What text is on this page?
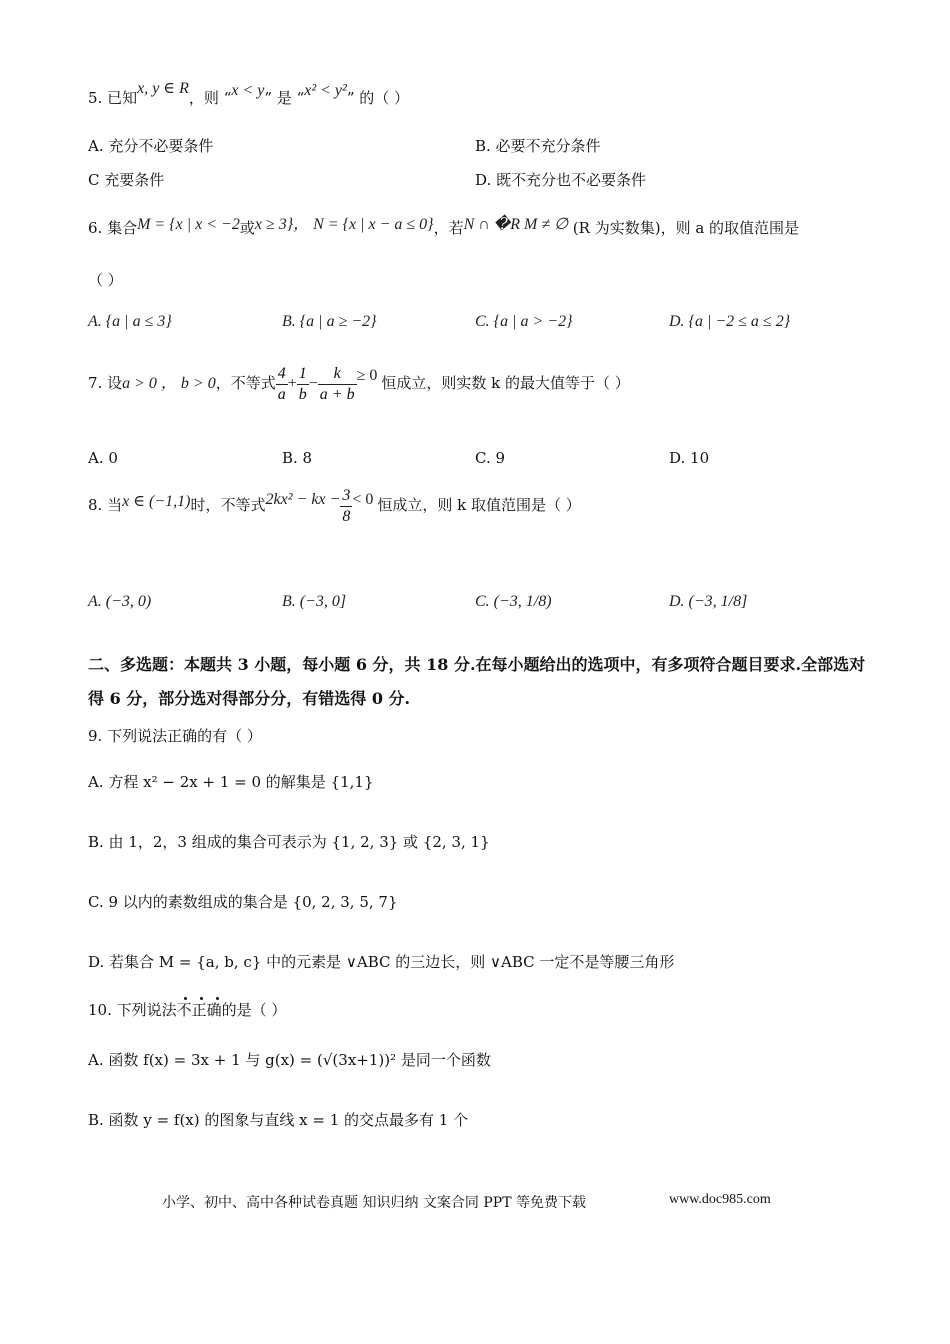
5. 已知x, y ∈ R，则 “x < y” 是 “x² < y²” 的（ ）
A. 充分不必要条件	B. 必要不充分条件
C 充要条件	D. 既不充分也不必要条件
6. 集合M = {x | x < −2或x ≥ 3}， N = {x | x − a ≤ 0}，若N ∩ �R M ≠ ∅ (R 为实数集)，则 a 的取值范围是
（ ）
A. {a | a ≤ 3}	B. {a | a ≥ −2}	C. {a | a > −2}	D. {a | −2 ≤ a ≤ 2}
7. 设a > 0 ， b > 0，不等式 $\frac{4}{a} + \frac{1}{b} - \frac{k}{a + b} \ge 0$ 恒成立，则实数 k 的最大值等于（ ）
A. 0	B. 8	C. 9	D. 10
8. 当x ∈ (−1,1)时，不等式2kx² − kx − $\frac{3}{8} < 0$ 恒成立，则 k 取值范围是（ ）
A. (−3, 0)	B. (−3, 0]	C. (−3, 1/8)	D. (−3, 1/8]
二、多选题：本题共 3 小题，每小题 6 分，共 18 分.在每小题给出的选项中，有多项符合题目要求.全部选对得 6 分，部分选对得部分分，有错选得 0 分.
9. 下列说法正确的有（ ）
A. 方程 x² − 2x + 1 = 0 的解集是 {1,1}
B. 由 1，2，3 组成的集合可表示为 {1, 2, 3} 或 {2, 3, 1}
C. 9 以内的素数组成的集合是 {0, 2, 3, 5, 7}
D. 若集合 M = {a, b, c} 中的元素是 ∨ABC 的三边长，则 ∨ABC 一定不是等腰三角形
10. 下列说法不正确的是（ ）
A. 函数 f(x) = 3x + 1 与 g(x) = (√(3x+1))² 是同一个函数
B. 函数 y = f(x) 的图象与直线 x = 1 的交点最多有 1 个
小学、初中、高中各种试卷真题 知识归纳 文案合同 PPT 等免费下载	www.doc985.com
